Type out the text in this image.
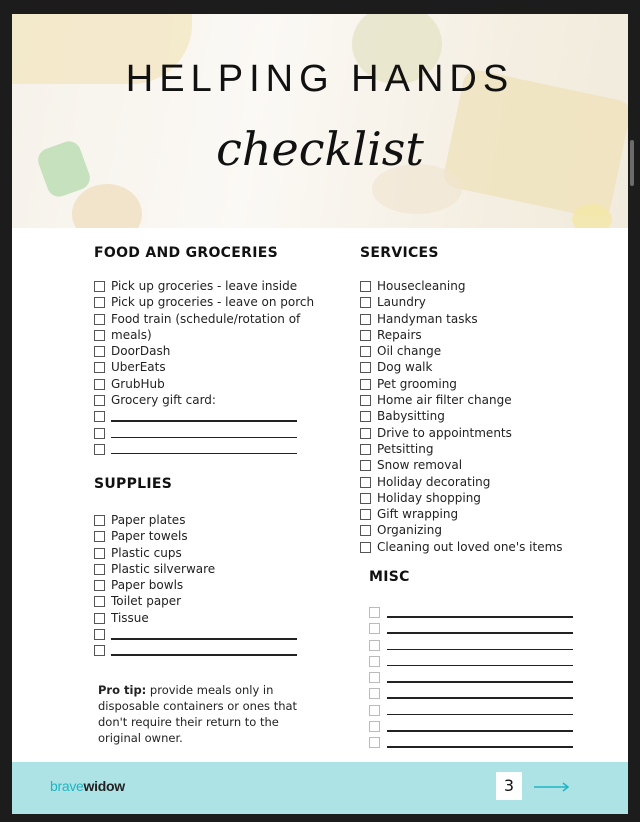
HELPING HANDS

checklist

FOOD AND GROCERIES
Pick up groceries - leave inside
Pick up groceries - leave on porch
Food train (schedule/rotation of
meals)
DoorDash
UberEats
GrubHub
Grocery gift card:
SUPPLIES
Paper plates
Paper towels
Plastic cups
Plastic silverware
Paper bowls
Toilet paper
Tissue

Pro tip: provide meals only in disposable containers or ones that don't require their return to the original owner.

SERVICES
Housecleaning
Laundry
Handyman tasks
Repairs
Oil change
Dog walk
Pet grooming
Home air filter change
Babysitting
Drive to appointments
Petsitting
Snow removal
Holiday decorating
Holiday shopping
Gift wrapping
Organizing
Cleaning out loved one's items
MISC
bravewidow	3
